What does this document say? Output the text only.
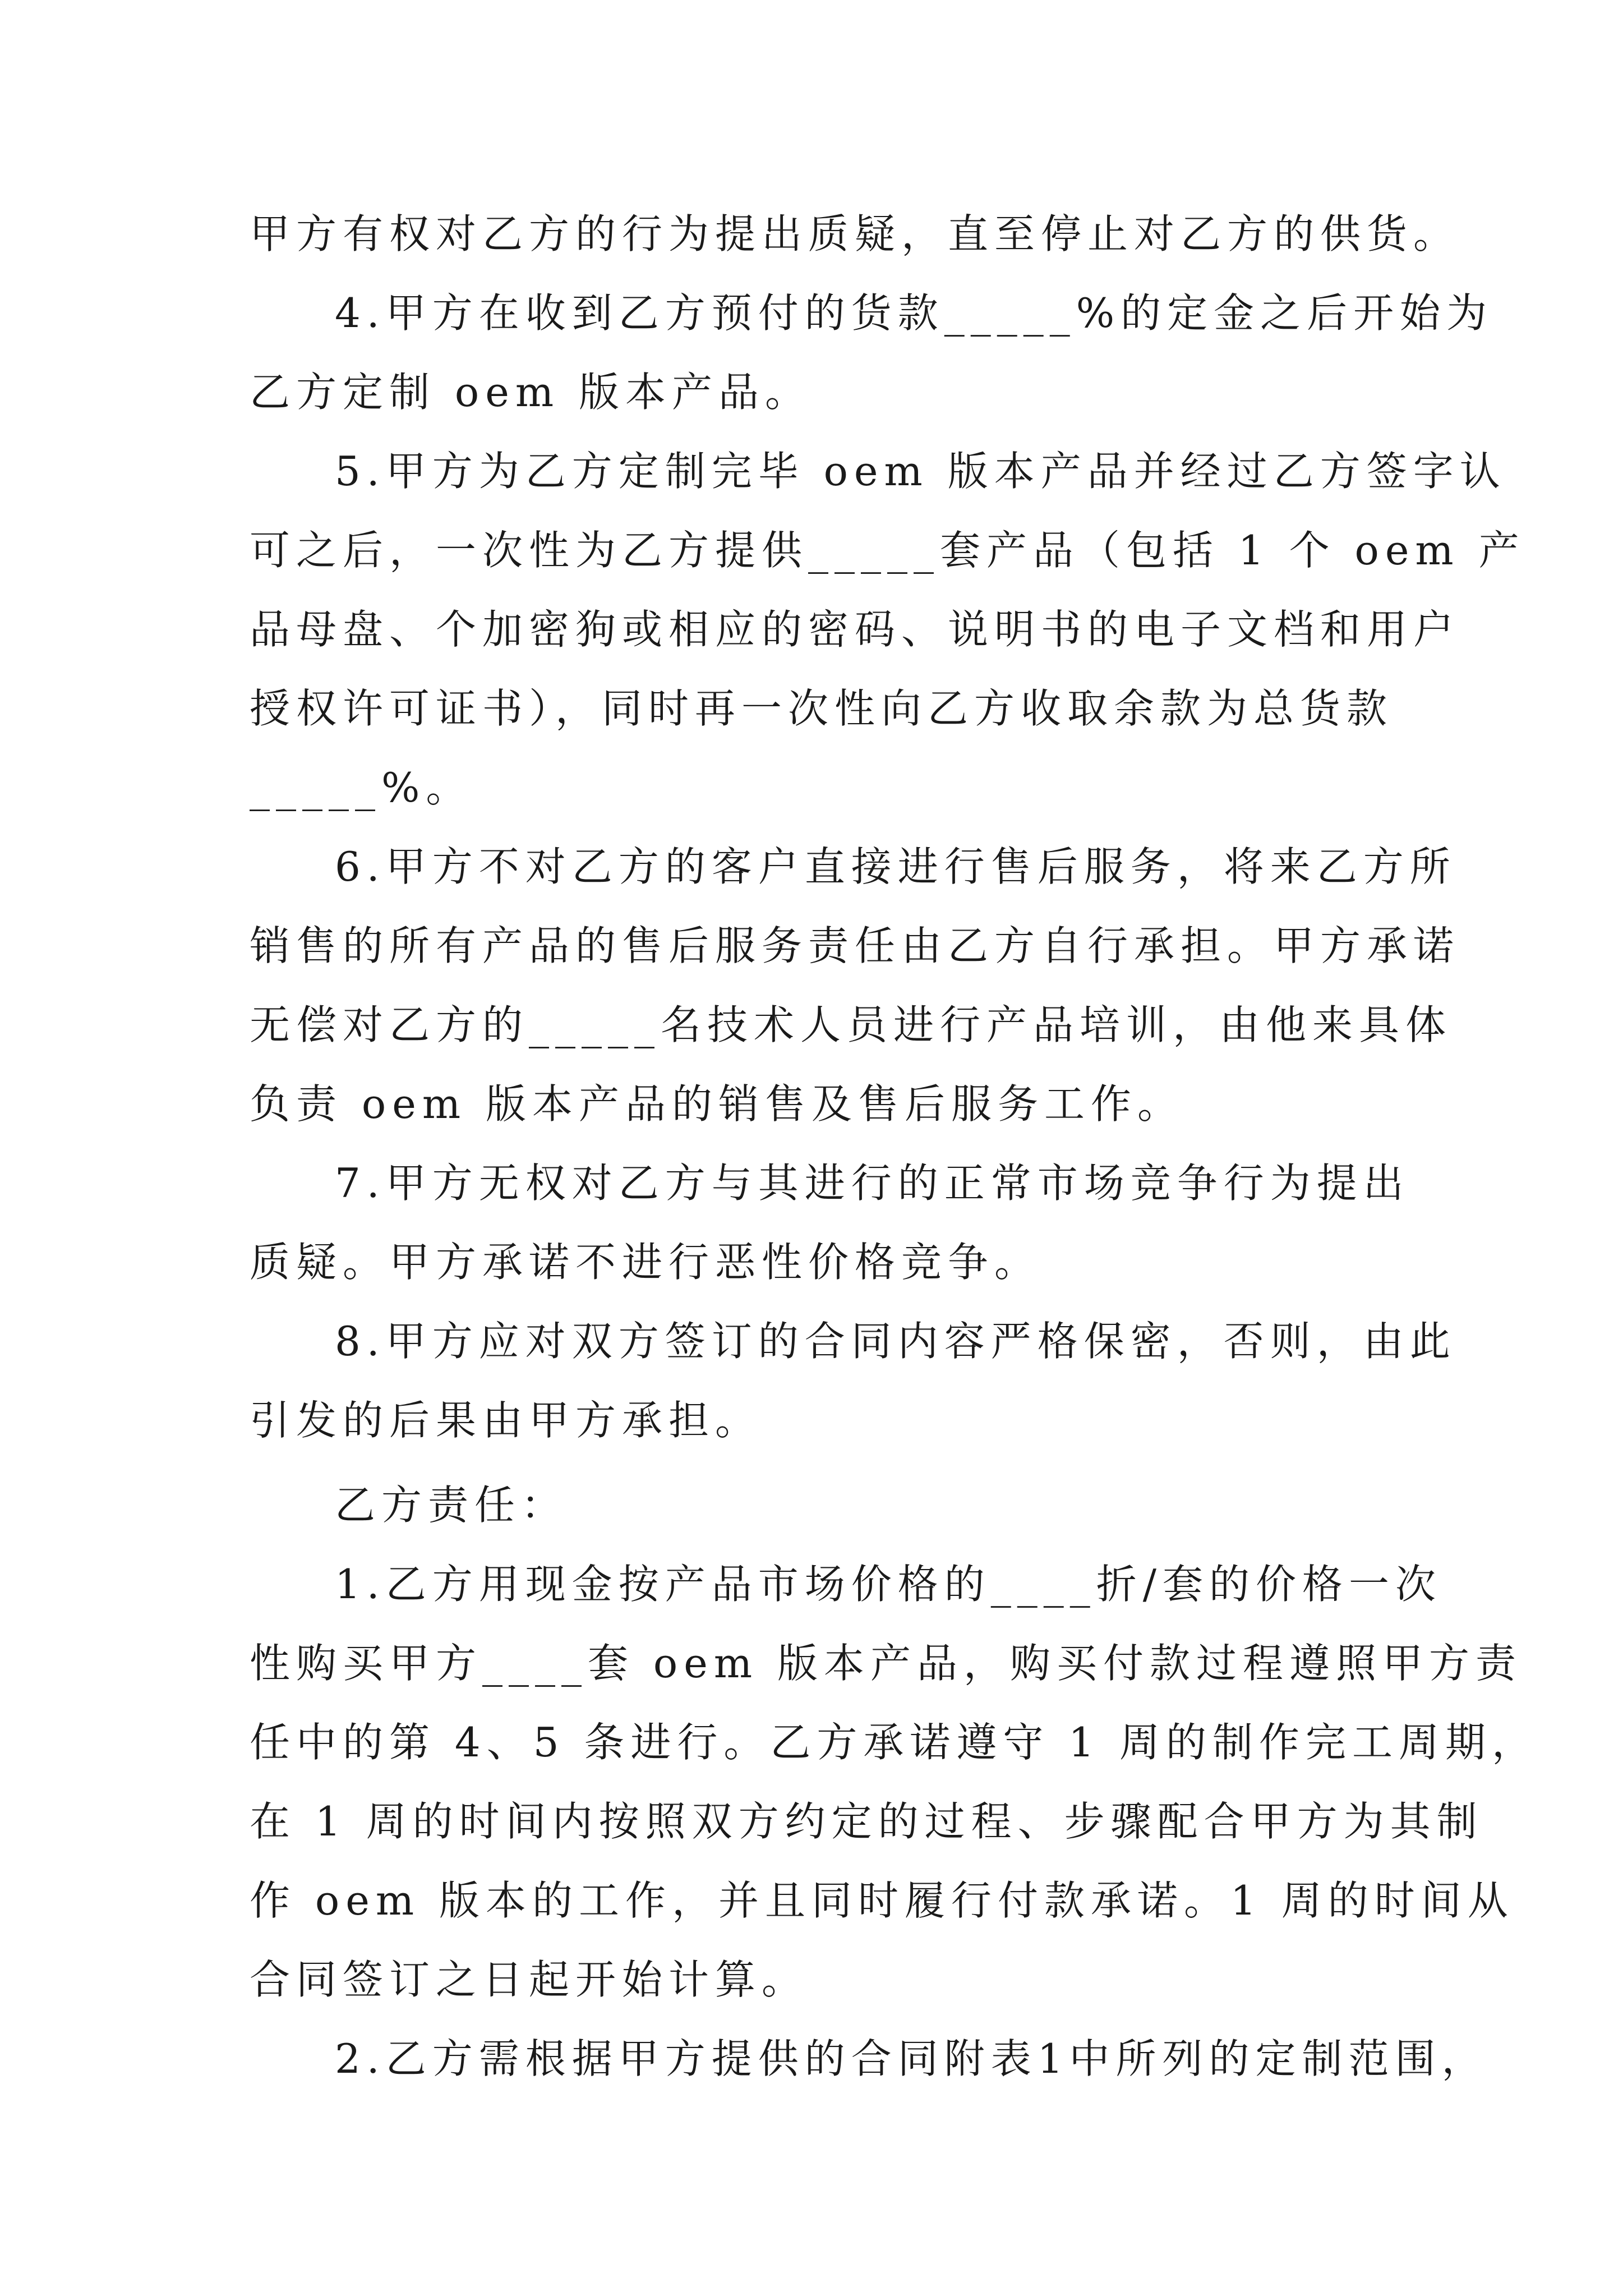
甲方有权对乙方的行为提出质疑，直至停止对乙方的供货。
4.甲方在收到乙方预付的货款_____%的定金之后开始为
乙方定制 oem 版本产品。
5.甲方为乙方定制完毕 oem 版本产品并经过乙方签字认
可之后，一次性为乙方提供_____套产品（包括 1 个 oem 产
品母盘、个加密狗或相应的密码、说明书的电子文档和用户
授权许可证书），同时再一次性向乙方收取余款为总货款
_____%。
6.甲方不对乙方的客户直接进行售后服务，将来乙方所
销售的所有产品的售后服务责任由乙方自行承担。甲方承诺
无偿对乙方的_____名技术人员进行产品培训，由他来具体
负责 oem 版本产品的销售及售后服务工作。
7.甲方无权对乙方与其进行的正常市场竞争行为提出
质疑。甲方承诺不进行恶性价格竞争。
8.甲方应对双方签订的合同内容严格保密，否则，由此
引发的后果由甲方承担。
乙方责任：
1.乙方用现金按产品市场价格的____折/套的价格一次
性购买甲方____套 oem 版本产品，购买付款过程遵照甲方责
任中的第 4、5 条进行。乙方承诺遵守 1 周的制作完工周期，
在 1 周的时间内按照双方约定的过程、步骤配合甲方为其制
作 oem 版本的工作，并且同时履行付款承诺。1 周的时间从
合同签订之日起开始计算。
2.乙方需根据甲方提供的合同附表1中所列的定制范围，
